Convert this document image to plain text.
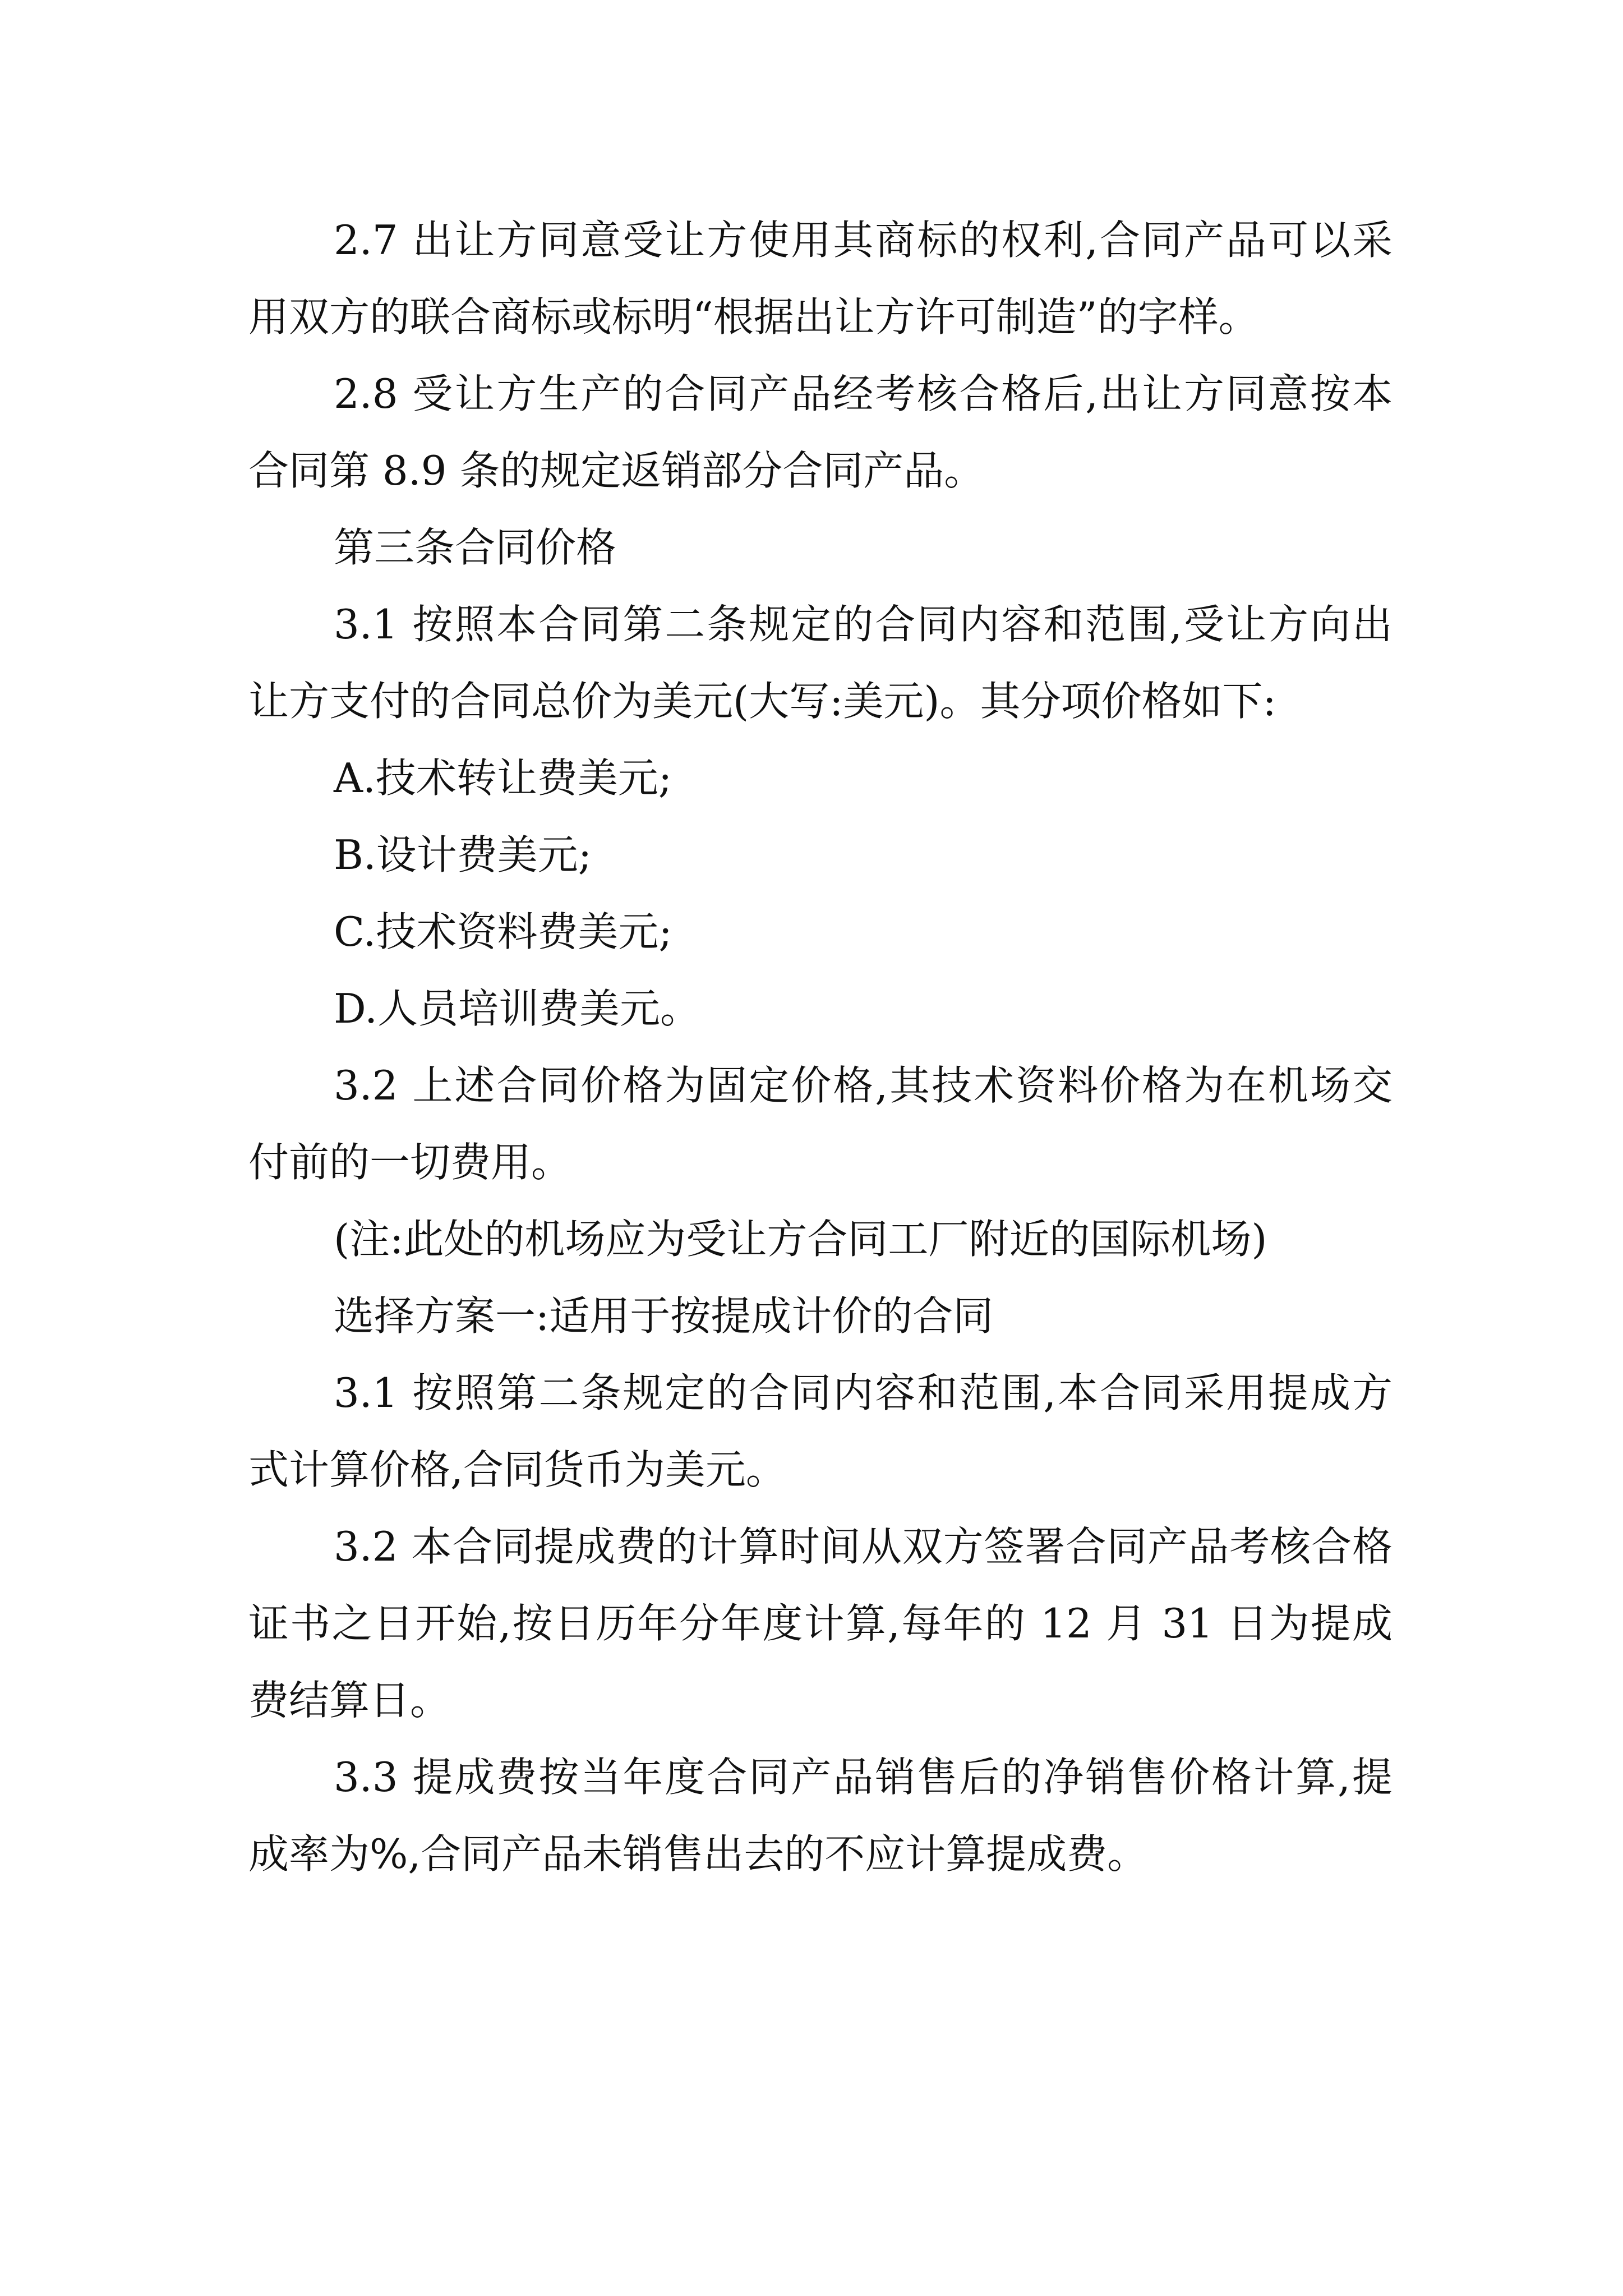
2.7 出让方同意受让方使用其商标的权利,合同产品可以采用双方的联合商标或标明“根据出让方许可制造”的字样。

2.8 受让方生产的合同产品经考核合格后,出让方同意按本合同第 8.9 条的规定返销部分合同产品。

第三条合同价格

3.1 按照本合同第二条规定的合同内容和范围,受让方向出让方支付的合同总价为美元(大写:美元)。其分项价格如下:

A.技术转让费美元;

B.设计费美元;

C.技术资料费美元;

D.人员培训费美元。

3.2 上述合同价格为固定价格,其技术资料价格为在机场交付前的一切费用。

(注:此处的机场应为受让方合同工厂附近的国际机场)

选择方案一:适用于按提成计价的合同

3.1 按照第二条规定的合同内容和范围,本合同采用提成方式计算价格,合同货币为美元。

3.2 本合同提成费的计算时间从双方签署合同产品考核合格证书之日开始,按日历年分年度计算,每年的 12 月 31 日为提成费结算日。

3.3 提成费按当年度合同产品销售后的净销售价格计算,提成率为%,合同产品未销售出去的不应计算提成费。
